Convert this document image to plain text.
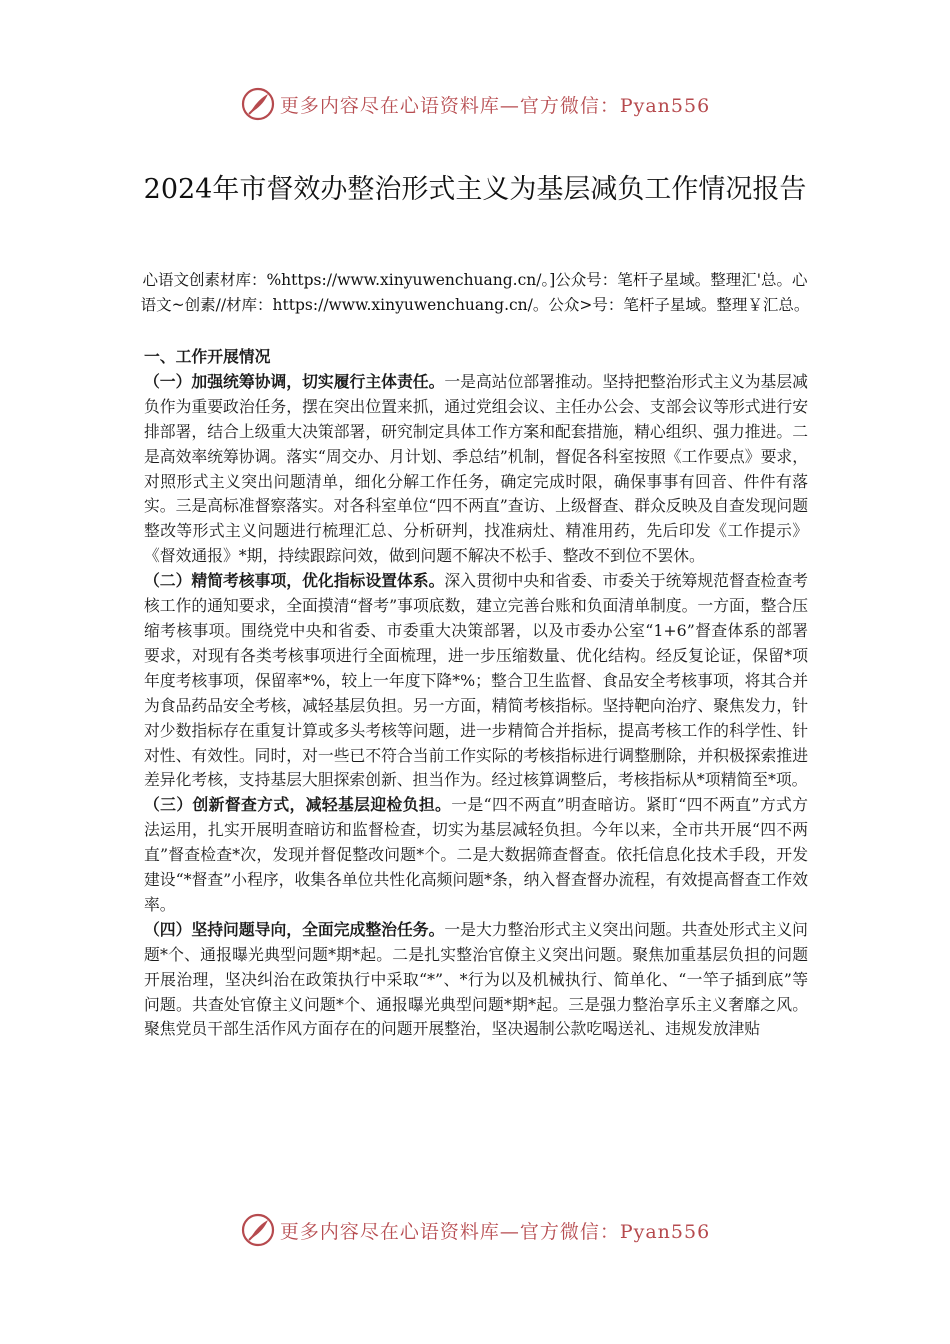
更多内容尽在心语资料库—官方微信：Pyan556
2024年市督效办整治形式主义为基层减负工作情况报告
心语文创素材库：%https://www.xinyuwenchuang.cn/。]公众号：笔杆子星域。整理汇'总。心语文~创素//材库：https://www.xinyuwenchuang.cn/。公众>号：笔杆子星域。整理￥汇总。

一、工作开展情况

（一）加强统筹协调，切实履行主体责任。一是高站位部署推动。坚持把整治形式主义为基层减负作为重要政治任务，摆在突出位置来抓，通过党组会议、主任办公会、支部会议等形式进行安排部署，结合上级重大决策部署，研究制定具体工作方案和配套措施，精心组织、强力推进。二是高效率统筹协调。落实“周交办、月计划、季总结”机制，督促各科室按照《工作要点》要求，对照形式主义突出问题清单，细化分解工作任务，确定完成时限，确保事事有回音、件件有落实。三是高标准督察落实。对各科室单位“四不两直”查访、上级督查、群众反映及自查发现问题整改等形式主义问题进行梳理汇总、分析研判，找准病灶、精准用药，先后印发《工作提示》《督效通报》*期，持续跟踪问效，做到问题不解决不松手、整改不到位不罢休。

（二）精简考核事项，优化指标设置体系。深入贯彻中央和省委、市委关于统筹规范督查检查考核工作的通知要求，全面摸清“督考”事项底数，建立完善台账和负面清单制度。一方面，整合压缩考核事项。围绕党中央和省委、市委重大决策部署，以及市委办公室“1+6”督查体系的部署要求，对现有各类考核事项进行全面梳理，进一步压缩数量、优化结构。经反复论证，保留*项年度考核事项，保留率*%，较上一年度下降*%；整合卫生监督、食品安全考核事项，将其合并为食品药品安全考核，减轻基层负担。另一方面，精简考核指标。坚持靶向治疗、聚焦发力，针对少数指标存在重复计算或多头考核等问题，进一步精简合并指标，提高考核工作的科学性、针对性、有效性。同时，对一些已不符合当前工作实际的考核指标进行调整删除，并积极探索推进差异化考核，支持基层大胆探索创新、担当作为。经过核算调整后，考核指标从*项精简至*项。

（三）创新督查方式，减轻基层迎检负担。一是“四不两直”明查暗访。紧盯“四不两直”方式方法运用，扎实开展明查暗访和监督检查，切实为基层减轻负担。今年以来，全市共开展“四不两直”督查检查*次，发现并督促整改问题*个。二是大数据筛查督查。依托信息化技术手段，开发建设“*督查”小程序，收集各单位共性化高频问题*条，纳入督查督办流程，有效提高督查工作效率。

（四）坚持问题导向，全面完成整治任务。一是大力整治形式主义突出问题。共查处形式主义问题*个、通报曝光典型问题*期*起。二是扎实整治官僚主义突出问题。聚焦加重基层负担的问题开展治理，坚决纠治在政策执行中采取“*”、*行为以及机械执行、简单化、“一竿子插到底”等问题。共查处官僚主义问题*个、通报曝光典型问题*期*起。三是强力整治享乐主义奢靡之风。聚焦党员干部生活作风方面存在的问题开展整治，坚决遏制公款吃喝送礼、违规发放津贴

更多内容尽在心语资料库—官方微信：Pyan556
